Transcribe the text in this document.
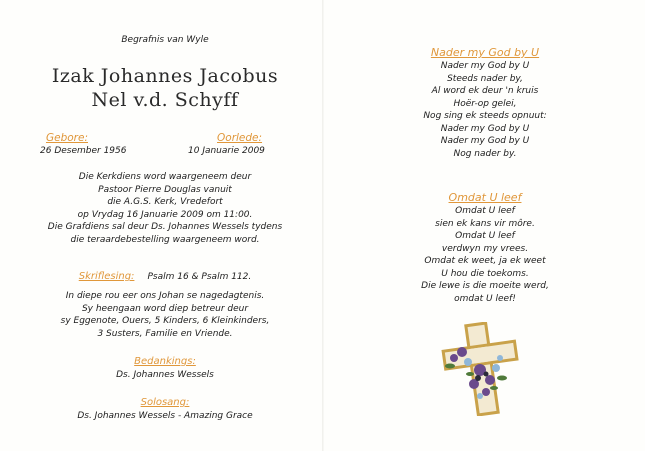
Begrafnis van Wyle
Izak Johannes Jacobus
Nel v.d. Schyff
Gebore:
26 Desember 1956
Oorlede:
10 Januarie 2009
Die Kerkdiens word waargeneem deur
Pastoor Pierre Douglas vanuit
die A.G.S. Kerk, Vredefort
op Vrydag 16 Januarie 2009 om 11:00.
Die Grafdiens sal deur Ds. Johannes Wessels tydens
die teraardebestelling waargeneem word.
Skriflesing: Psalm 16 & Psalm 112.
In diepe rou eer ons Johan se nagedagtenis.
Sy heengaan word diep betreur deur
sy Eggenote, Ouers, 5 Kinders, 6 Kleinkinders,
3 Susters, Familie en Vriende.
Bedankings:
Ds. Johannes Wessels
Solosang:
Ds. Johannes Wessels - Amazing Grace
Nader my God by U
Nader my God by U
Steeds nader by,
Al word ek deur 'n kruis
Hoër-op gelei,
Nog sing ek steeds opnuut:
Nader my God by U
Nader my God by U
Nog nader by.
Omdat U leef
Omdat U leef
sien ek kans vir môre.
Omdat U leef
verdwyn my vrees.
Omdat ek weet, ja ek weet
U hou die toekoms.
Die lewe is die moeite werd,
omdat U leef!
